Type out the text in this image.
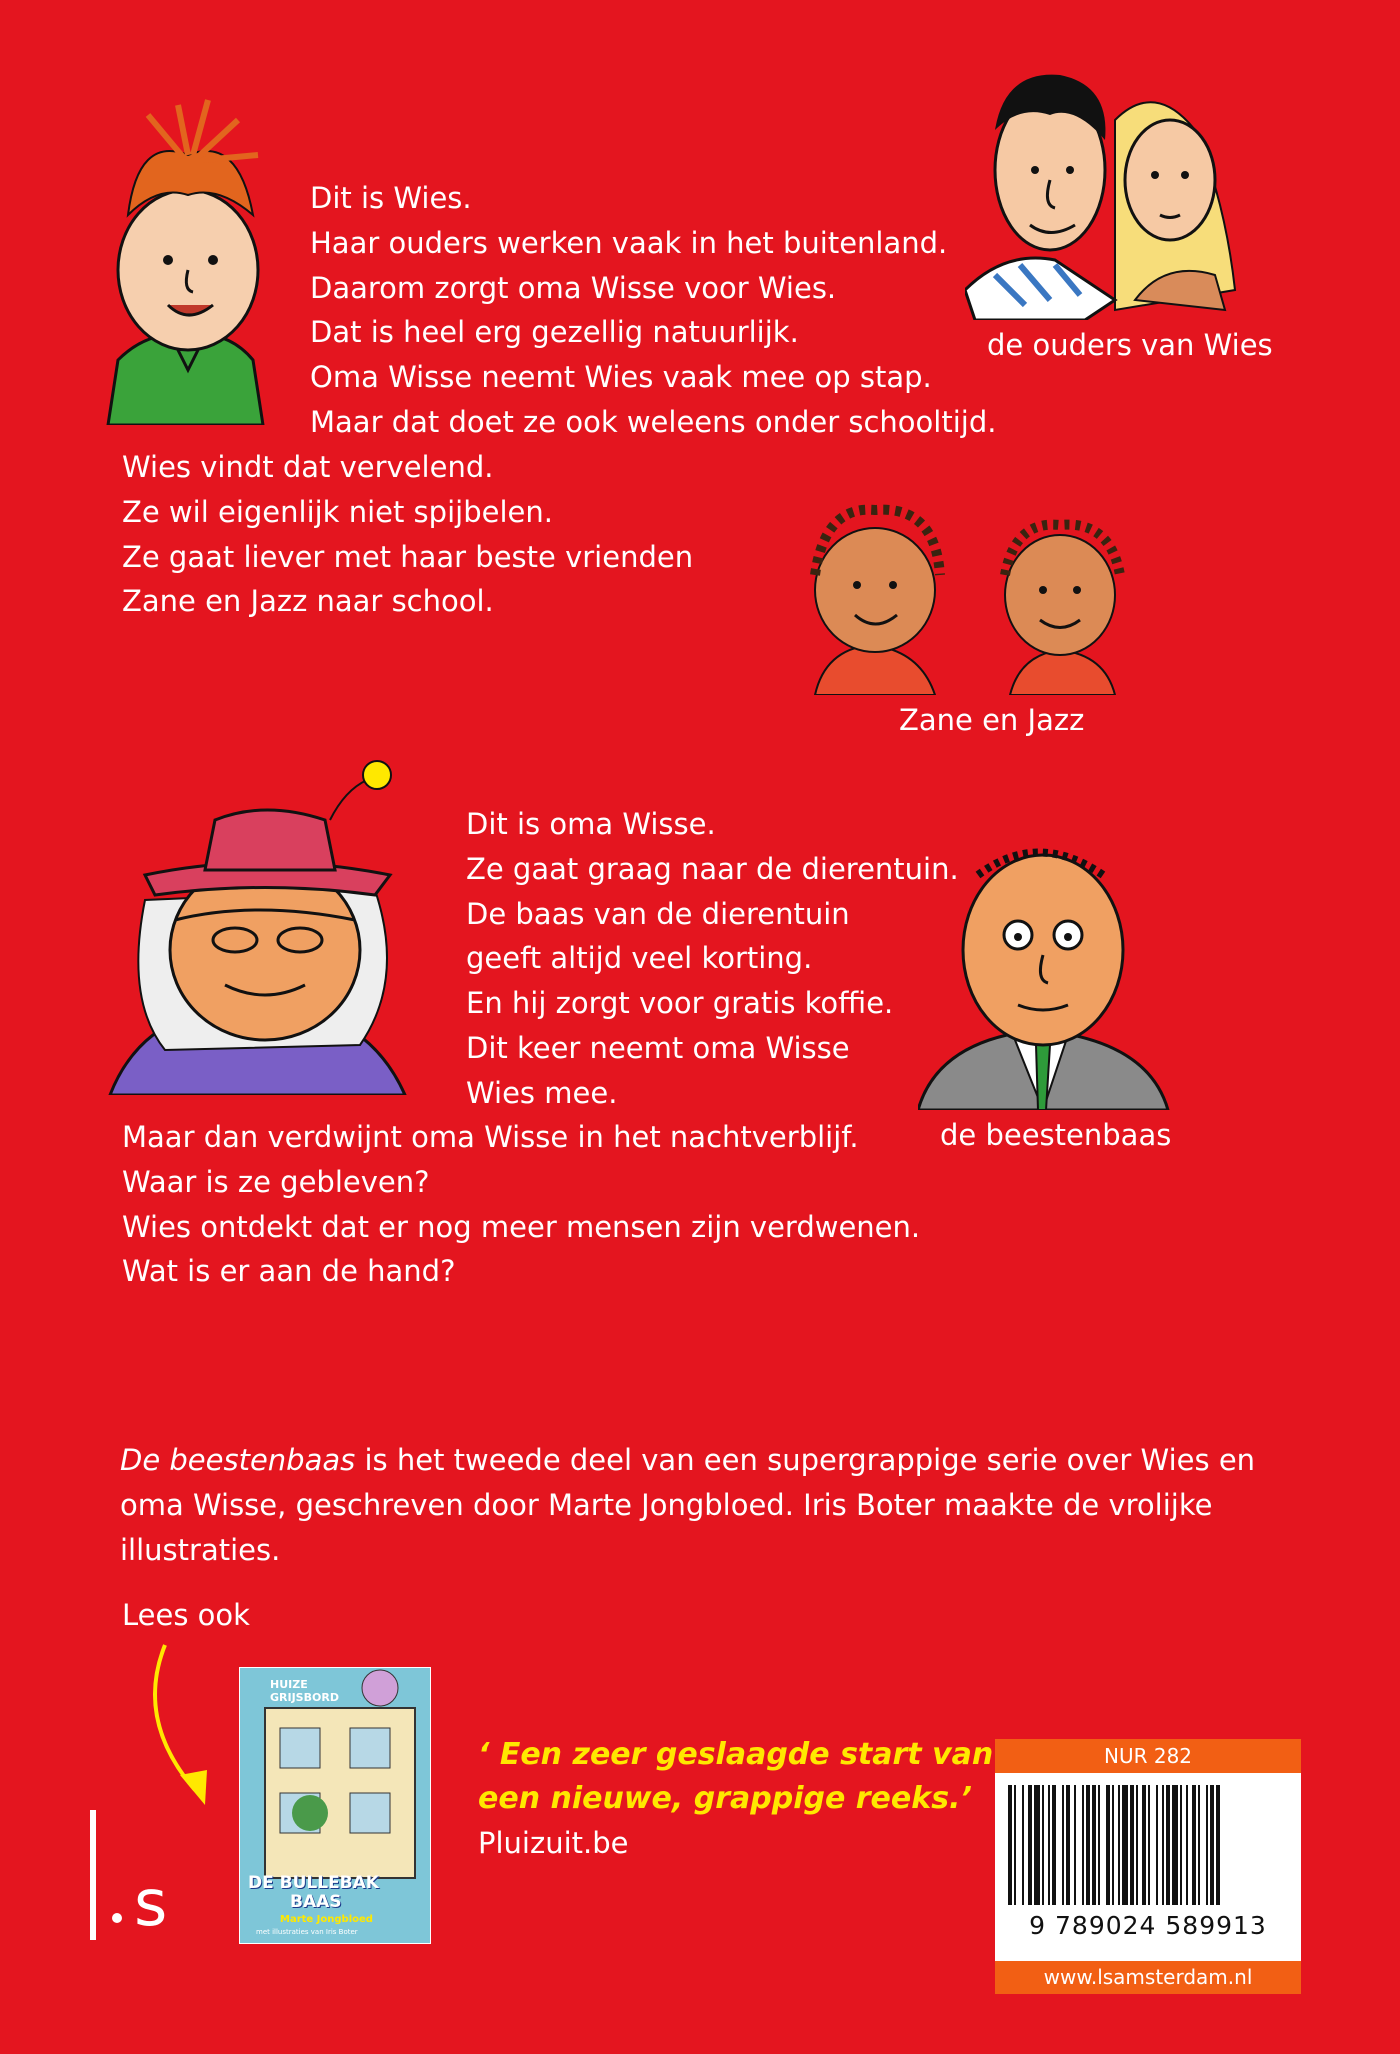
Dit is Wies.
Haar ouders werken vaak in het buitenland.
Daarom zorgt oma Wisse voor Wies.
Dat is heel erg gezellig natuurlijk.
Oma Wisse neemt Wies vaak mee op stap.
Maar dat doet ze ook weleens onder schooltijd.
Wies vindt dat vervelend.
Ze wil eigenlijk niet spijbelen.
Ze gaat liever met haar beste vrienden
Zane en Jazz naar school.
de ouders van Wies
Zane en Jazz
de beestenbaas
Dit is oma Wisse.
Ze gaat graag naar de dierentuin.
De baas van de dierentuin
geeft altijd veel korting.
En hij zorgt voor gratis koffie.
Dit keer neemt oma Wisse
Wies mee.
Maar dan verdwijnt oma Wisse in het nachtverblijf.
Waar is ze gebleven?
Wies ontdekt dat er nog meer mensen zijn verdwenen.
Wat is er aan de hand?
De beestenbaas is het tweede deel van een supergrappige serie over Wies en oma Wisse, geschreven door Marte Jongbloed. Iris Boter maakte de vrolijke illustraties.
Lees ook
HUIZE GRIJSBORD
DE BULLEBAK
BAAS
Marte Jongbloed
met illustraties van Iris Boter
s
‘ Een zeer geslaagde start van
een nieuwe, grappige reeks.’
Pluizuit.be
NUR 282
9 789024 589913
www.lsamsterdam.nl
